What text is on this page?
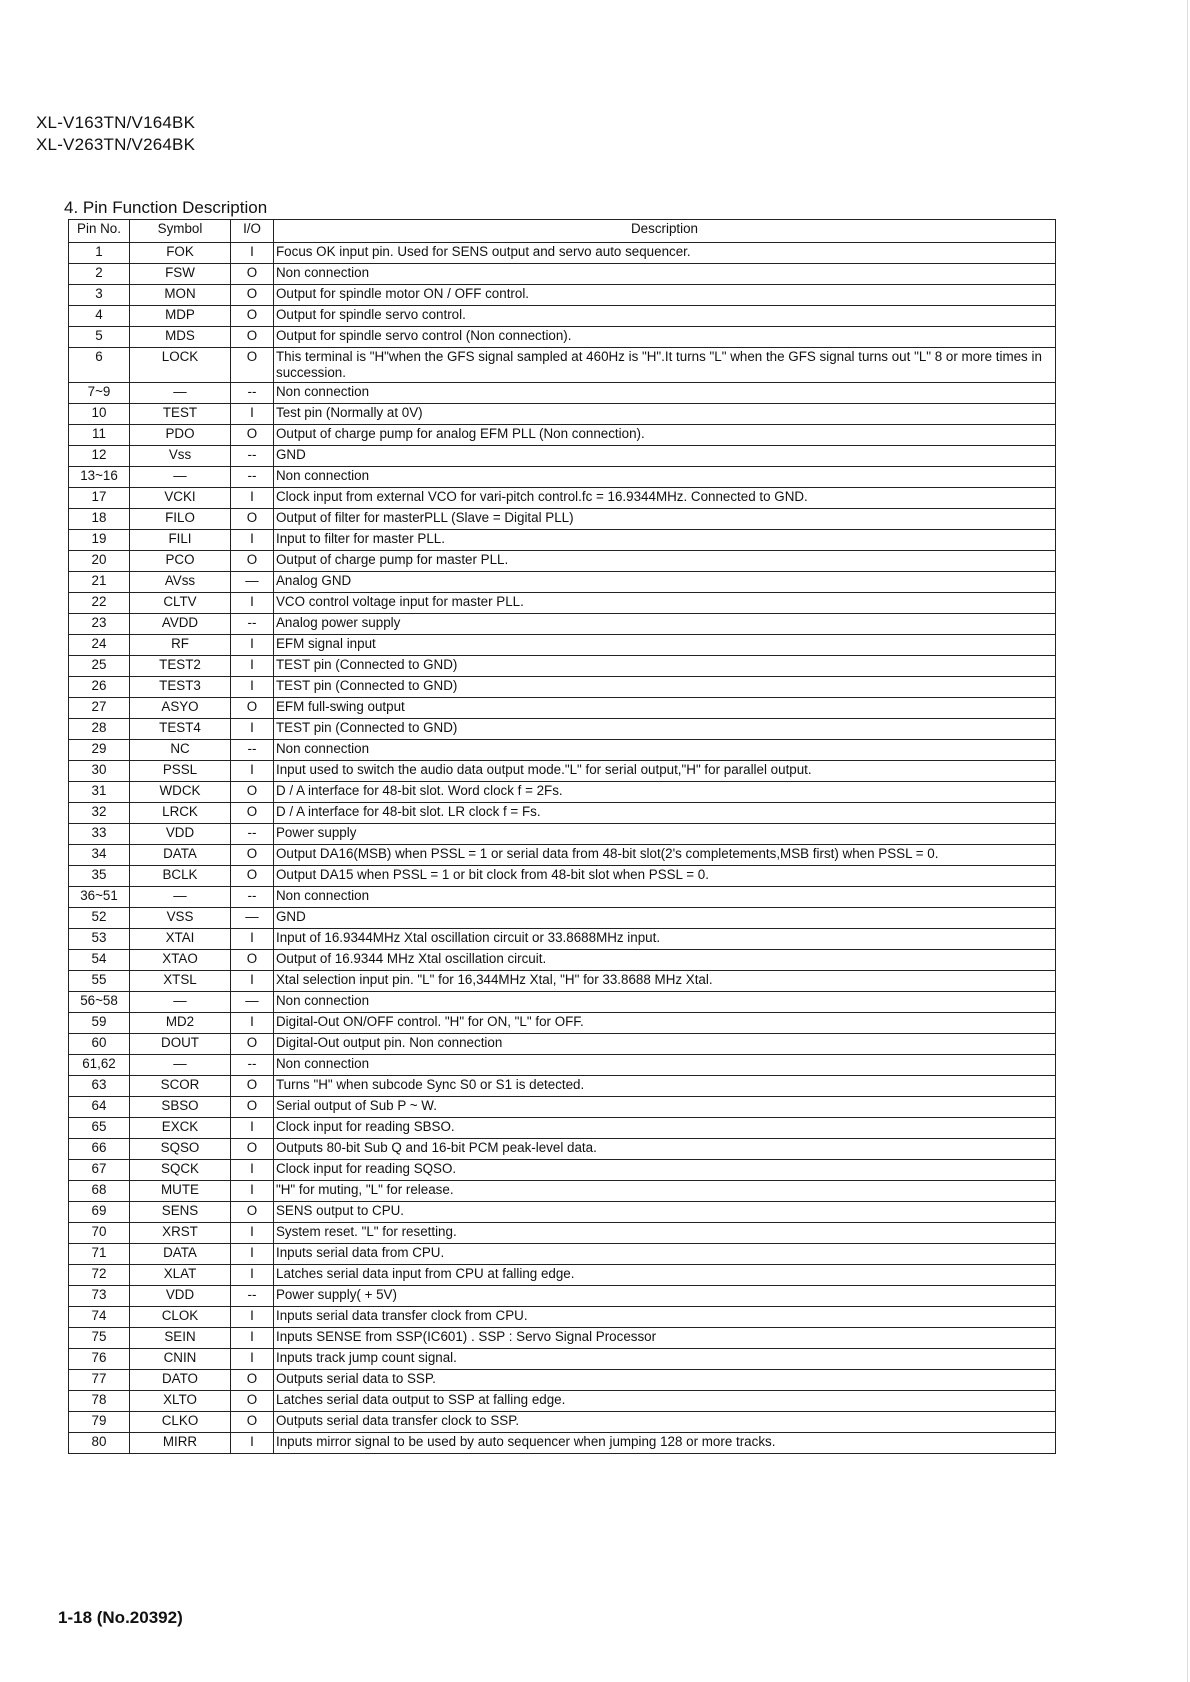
XL-V163TN/V164BK
XL-V263TN/V264BK
4. Pin Function Description
Pin No.	Symbol	I/O	Description
1	FOK	I	Focus OK input pin. Used for SENS output and servo auto sequencer.
2	FSW	O	Non connection
3	MON	O	Output for spindle motor ON / OFF control.
4	MDP	O	Output for spindle servo control.
5	MDS	O	Output for spindle servo control (Non connection).
6	LOCK	O	This terminal is "H"when the GFS signal sampled at 460Hz is "H".It turns "L" when the GFS signal turns out "L" 8 or more times in succession.
7~9	—	--	Non connection
10	TEST	I	Test pin (Normally at 0V)
11	PDO	O	Output of charge pump for analog EFM PLL (Non connection).
12	Vss	--	GND
13~16	—	--	Non connection
17	VCKI	I	Clock input from external VCO for vari-pitch control.fc = 16.9344MHz. Connected to GND.
18	FILO	O	Output of filter for masterPLL (Slave = Digital PLL)
19	FILI	I	Input to filter for master PLL.
20	PCO	O	Output of charge pump for master PLL.
21	AVss	—	Analog GND
22	CLTV	I	VCO control voltage input for master PLL.
23	AVDD	--	Analog power supply
24	RF	I	EFM signal input
25	TEST2	I	TEST pin (Connected to GND)
26	TEST3	I	TEST pin (Connected to GND)
27	ASYO	O	EFM full-swing output
28	TEST4	I	TEST pin (Connected to GND)
29	NC	--	Non connection
30	PSSL	I	Input used to switch the audio data output mode."L" for serial output,"H" for parallel output.
31	WDCK	O	D / A interface for 48-bit slot. Word clock f = 2Fs.
32	LRCK	O	D / A interface for 48-bit slot. LR clock f = Fs.
33	VDD	--	Power supply
34	DATA	O	Output DA16(MSB) when PSSL = 1 or serial data from 48-bit slot(2's completements,MSB first) when PSSL = 0.
35	BCLK	O	Output DA15 when PSSL = 1 or bit clock from 48-bit slot when PSSL = 0.
36~51	—	--	Non connection
52	VSS	—	GND
53	XTAI	I	Input of 16.9344MHz Xtal oscillation circuit or 33.8688MHz input.
54	XTAO	O	Output of 16.9344 MHz Xtal oscillation circuit.
55	XTSL	I	Xtal selection input pin. "L" for 16,344MHz Xtal, "H" for 33.8688 MHz Xtal.
56~58	—	—	Non connection
59	MD2	I	Digital-Out ON/OFF control. "H" for ON, "L" for OFF.
60	DOUT	O	Digital-Out output pin. Non connection
61,62	—	--	Non connection
63	SCOR	O	Turns "H" when subcode Sync S0 or S1 is detected.
64	SBSO	O	Serial output of Sub P ~ W.
65	EXCK	I	Clock input for reading SBSO.
66	SQSO	O	Outputs 80-bit Sub Q and 16-bit PCM peak-level data.
67	SQCK	I	Clock input for reading SQSO.
68	MUTE	I	"H" for muting, "L" for release.
69	SENS	O	SENS output to CPU.
70	XRST	I	System reset. "L" for resetting.
71	DATA	I	Inputs serial data from CPU.
72	XLAT	I	Latches serial data input from CPU at falling edge.
73	VDD	--	Power supply( + 5V)
74	CLOK	I	Inputs serial data transfer clock from CPU.
75	SEIN	I	Inputs SENSE from SSP(IC601) . SSP : Servo Signal Processor
76	CNIN	I	Inputs track jump count signal.
77	DATO	O	Outputs serial data to SSP.
78	XLTO	O	Latches serial data output to SSP at falling edge.
79	CLKO	O	Outputs serial data transfer clock to SSP.
80	MIRR	I	Inputs mirror signal to be used by auto sequencer when jumping 128 or more tracks.
1-18 (No.20392)
